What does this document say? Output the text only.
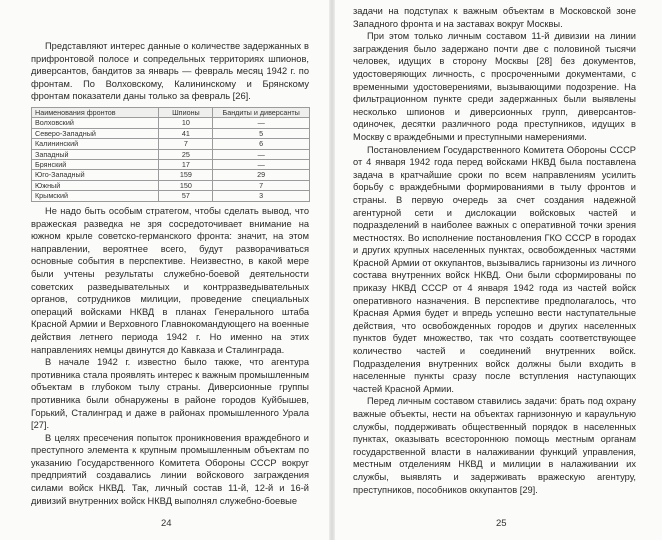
Представляют интерес данные о количестве задержанных в прифронтовой полосе и сопредельных территориях шпионов, диверсантов, бандитов за январь — февраль месяц 1942 г. по фронтам. По Волховскому, Калининскому и Брянскому фронтам показатели даны только за февраль [26].

Наименования фронтов	Шпионы	Бандиты и диверсанты
Волховский	10	—
Северо-Западный	41	5
Калининский	7	6
Западный	25	—
Брянский	17	—
Юго-Западный	159	29
Южный	150	7
Крымский	57	3

Не надо быть особым стратегом, чтобы сделать вывод, что вражеская разведка не зря сосредоточивает внимание на южном крыле советско-германского фронта: значит, на этом направлении, вероятнее всего, будут разворачиваться основные события в перспективе. Неизвестно, в какой мере были учтены результаты служебно-боевой деятельности советских разведывательных и контрразведывательных органов, сотрудников милиции, проведение специальных операций войсками НКВД в планах Генерального штаба Красной Армии и Верховного Главнокомандующего на военные действия летнего периода 1942 г. Но именно на этих направлениях немцы двинутся до Кавказа и Сталинграда.

В начале 1942 г. известно было также, что агентура противника стала проявлять интерес к важным промышленным объектам в глубоком тылу страны. Диверсионные группы противника были обнаружены в районе городов Куйбышев, Горький, Сталинград и даже в районах промышленного Урала [27].

В целях пресечения попыток проникновения враждебного и преступного элемента к крупным промышленным объектам по указанию Государственного Комитета Обороны СССР вокруг предприятий создавались линии войскового заграждения силами войск НКВД. Так, личный состав 11-й, 12-й и 16-й дивизий внутренних войск НКВД выполнял служебно-боевые

24

задачи на подступах к важным объектам в Московской зоне Западного фронта и на заставах вокруг Москвы.

При этом только личным составом 11-й дивизии на линии заграждения было задержано почти две с половиной тысячи человек, идущих в сторону Москвы [28] без документов, удостоверяющих личность, с просроченными документами, с временными удостоверениями, вызывающими подозрение. На фильтрационном пункте среди задержанных были выявлены несколько шпионов и диверсионных групп, диверсантов-одиночек, десятки различного рода преступников, идущих в Москву с враждебными и преступными намерениями.

Постановлением Государственного Комитета Обороны СССР от 4 января 1942 года перед войсками НКВД была поставлена задача в кратчайшие сроки по всем направлениям усилить борьбу с враждебными формированиями в тылу фронтов и страны. В первую очередь за счет создания надежной агентурной сети и дислокации войсковых частей и подразделений в наиболее важных с оперативной точки зрения местностях. Во исполнение постановления ГКО СССР в городах и других крупных населенных пунктах, освобожденных частями Красной Армии от оккупантов, вызывались гарнизоны из личного состава внутренних войск НКВД. Они были сформированы по приказу НКВД СССР от 4 января 1942 года из частей войск оперативного назначения. В перспективе предполагалось, что Красная Армия будет и впредь успешно вести наступательные действия, что освобожденных городов и других населенных пунктов будет множество, так что создать соответствующее количество частей и соединений внутренних войск. Подразделения внутренних войск должны были входить в населенные пункты сразу после вступления наступающих частей Красной Армии.

Перед личным составом ставились задачи: брать под охрану важные объекты, нести на объектах гарнизонную и караульную службы, поддерживать общественный порядок в населенных пунктах, оказывать всестороннюю помощь местным органам государственной власти в налаживании функций управления, местным отделениям НКВД и милиции в налаживании их службы, выявлять и задерживать вражескую агентуру, преступников, пособников оккупантов [29].

25
